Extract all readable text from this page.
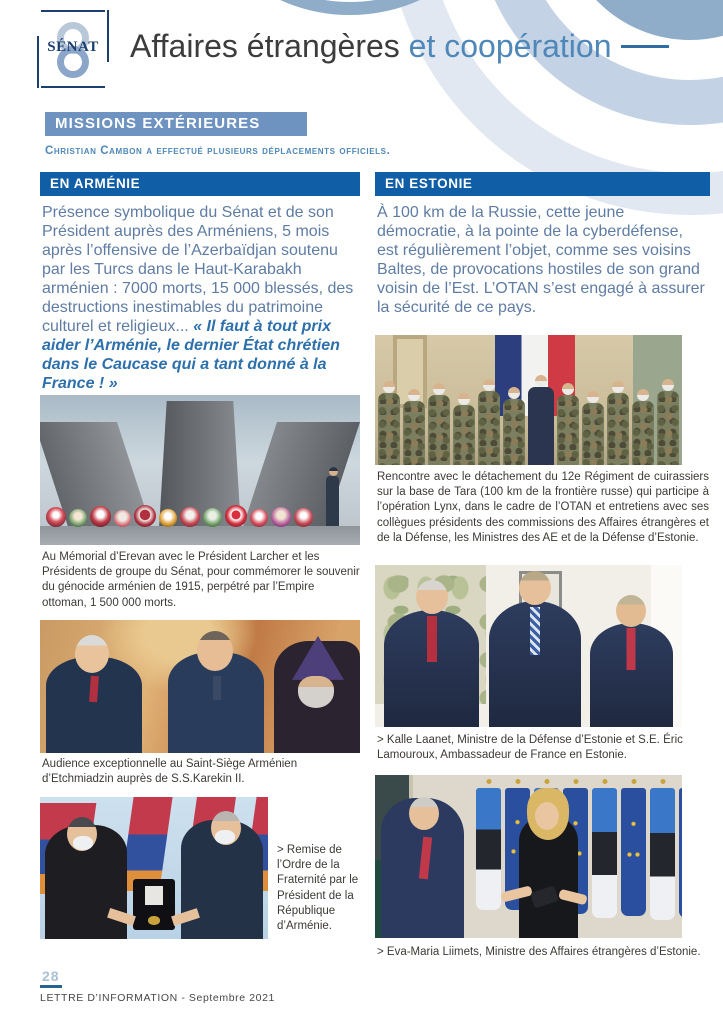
SÉNAT Affaires étrangères et coopération
MISSIONS EXTÉRIEURES
Christian Cambon a effectué plusieurs déplacements officiels.
EN ARMÉNIE
Présence symbolique du Sénat et de son Président auprès des Arméniens, 5 mois après l’offensive de l’Azerbaïdjan soutenu par les Turcs dans le Haut-Karabakh arménien : 7000 morts, 15 000 blessés, des destructions inestimables du patrimoine culturel et religieux... « Il faut à tout prix aider l’Arménie, le dernier État chrétien dans le Caucase qui a tant donné à la France ! »
Au Mémorial d’Erevan avec le Président Larcher et les Présidents de groupe du Sénat, pour commémorer le souvenir du génocide arménien de 1915, perpétré par l’Empire ottoman, 1 500 000 morts.
Audience exceptionnelle au Saint-Siège Arménien d’Etchmiadzin auprès de S.S.Karekin II.
> Remise de l’Ordre de la Fraternité par le Président de la République d’Arménie.
EN ESTONIE
À 100 km de la Russie, cette jeune démocratie, à la pointe de la cyberdéfense, est régulièrement l’objet, comme ses voisins Baltes, de provocations hostiles de son grand voisin de l’Est. L’OTAN s’est engagé à assurer la sécurité de ce pays.
Rencontre avec le détachement du 12e Régiment de cuirassiers sur la base de Tara (100 km de la frontière russe) qui participe à l’opération Lynx, dans le cadre de l’OTAN et entretiens avec ses collègues présidents des commissions des Affaires étrangères et de la Défense, les Ministres des AE et de la Défense d’Estonie.
> Kalle Laanet, Ministre de la Défense d’Estonie et S.E. Éric Lamouroux, Ambassadeur de France en Estonie.
> Eva-Maria Liimets, Ministre des Affaires étrangères d’Estonie.
28
LETTRE D’INFORMATION - Septembre 2021
